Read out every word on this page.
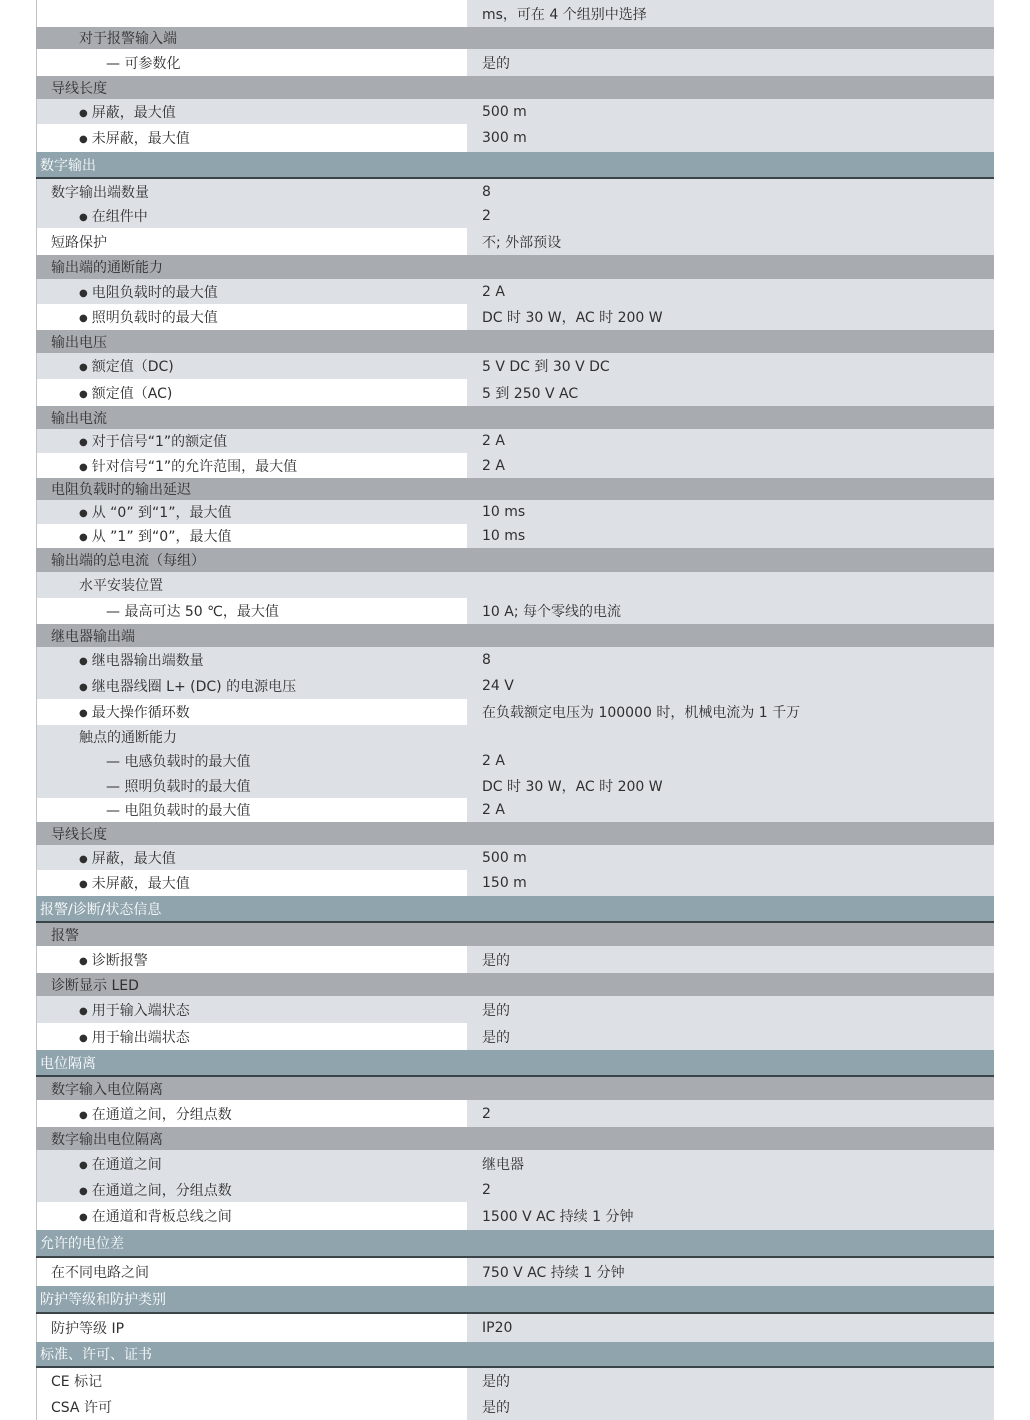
ms，可在 4 个组别中选择
对于报警输入端
— 可参数化	是的
导线长度
● 屏蔽，最大值	500 m
● 未屏蔽，最大值	300 m
数字输出
数字输出端数量	8
● 在组件中	2
短路保护	不; 外部预设
输出端的通断能力
● 电阻负载时的最大值	2 A
● 照明负载时的最大值	DC 时 30 W，AC 时 200 W
输出电压
● 额定值（DC)	5 V DC 到 30 V DC
● 额定值（AC)	5 到 250 V AC
输出电流
● 对于信号“1”的额定值	2 A
● 针对信号“1”的允许范围，最大值	2 A
电阻负载时的输出延迟
● 从 “0” 到“1”，最大值	10 ms
● 从 ”1” 到“0”，最大值	10 ms
输出端的总电流（每组）
水平安装位置
— 最高可达 50 ℃，最大值	10 A; 每个零线的电流
继电器输出端
● 继电器输出端数量	8
● 继电器线圈 L+ (DC) 的电源电压	24 V
● 最大操作循环数	在负载额定电压为 100000 时，机械电流为 1 千万
触点的通断能力
— 电感负载时的最大值	2 A
— 照明负载时的最大值	DC 时 30 W，AC 时 200 W
— 电阻负载时的最大值	2 A
导线长度
● 屏蔽，最大值	500 m
● 未屏蔽，最大值	150 m
报警/诊断/状态信息
报警
● 诊断报警	是的
诊断显示 LED
● 用于输入端状态	是的
● 用于输出端状态	是的
电位隔离
数字输入电位隔离
● 在通道之间，分组点数	2
数字输出电位隔离
● 在通道之间	继电器
● 在通道之间，分组点数	2
● 在通道和背板总线之间	1500 V AC 持续 1 分钟
允许的电位差
在不同电路之间	750 V AC 持续 1 分钟
防护等级和防护类别
防护等级 IP	IP20
标准、许可、证书
CE 标记	是的
CSA 许可	是的
